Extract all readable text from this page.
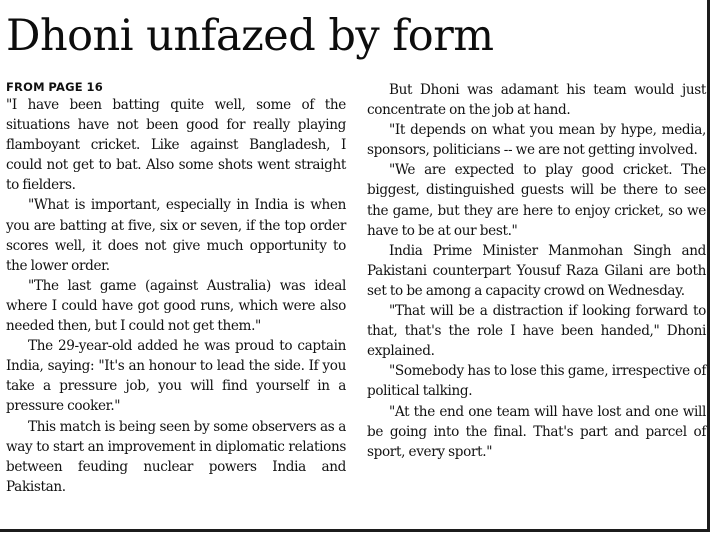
Dhoni unfazed by form
FROM PAGE 16

"I have been batting quite well, some of the situations have not been good for really playing flamboyant cricket. Like against Bangladesh, I could not get to bat. Also some shots went straight to fielders.

"What is important, especially in India is when you are batting at five, six or seven, if the top order scores well, it does not give much opportunity to the lower order.

"The last game (against Australia) was ideal where I could have got good runs, which were also needed then, but I could not get them."

The 29-year-old added he was proud to captain India, saying: "It's an honour to lead the side. If you take a pressure job, you will find yourself in a pressure cooker."

This match is being seen by some observers as a way to start an improvement in diplomatic relations between feuding nuclear powers India and Pakistan.

But Dhoni was adamant his team would just concentrate on the job at hand.

"It depends on what you mean by hype, media, sponsors, politicians -- we are not getting involved.

"We are expected to play good cricket. The biggest, distinguished guests will be there to see the game, but they are here to enjoy cricket, so we have to be at our best."

India Prime Minister Manmohan Singh and Pakistani counterpart Yousuf Raza Gilani are both set to be among a capacity crowd on Wednesday.

"That will be a distraction if looking forward to that, that's the role I have been handed," Dhoni explained.

"Somebody has to lose this game, irrespective of political talking.

"At the end one team will have lost and one will be going into the final. That's part and parcel of sport, every sport."
